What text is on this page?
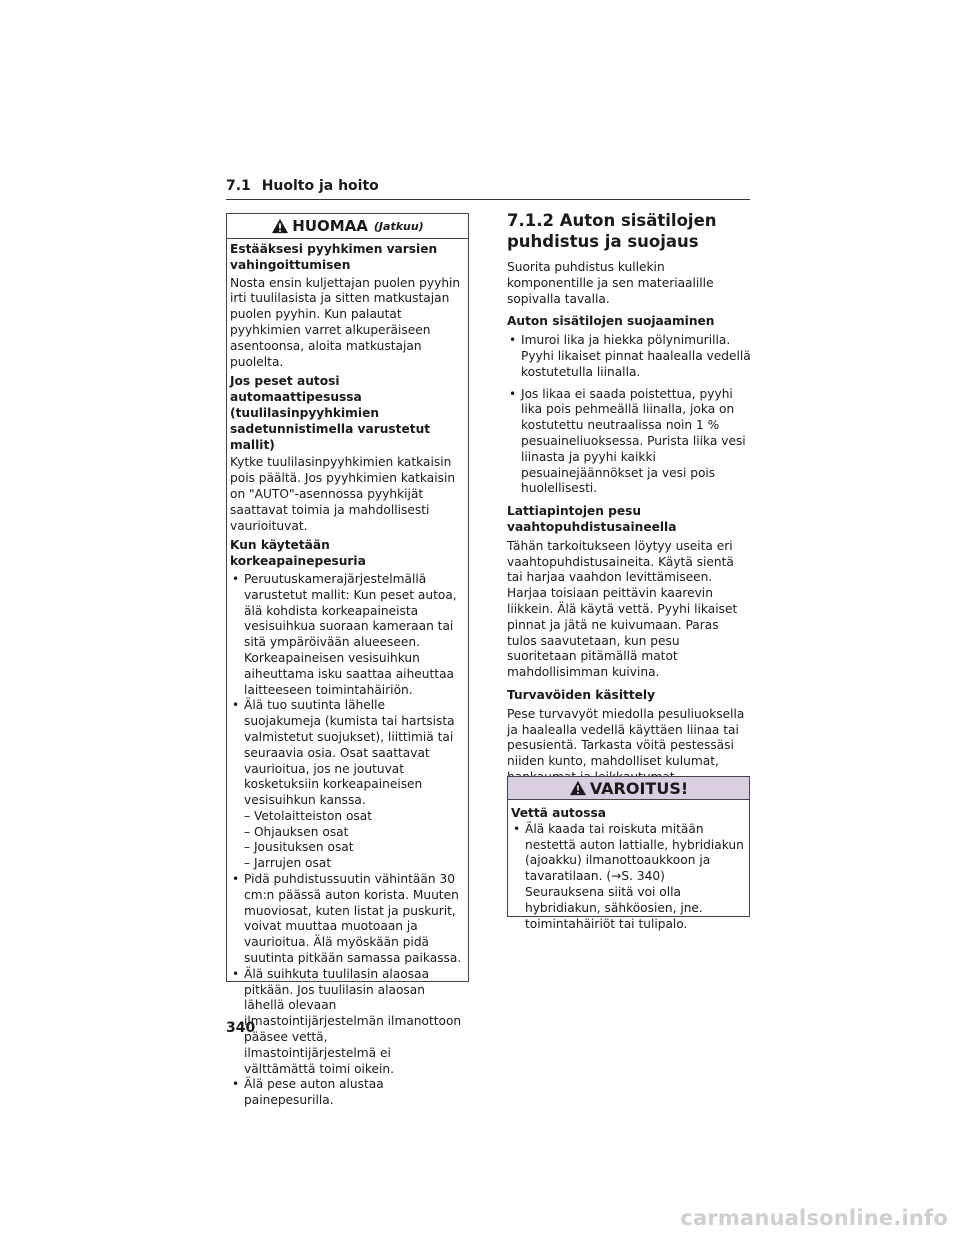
7.1 Huolto ja hoito
HUOMAA (Jatkuu)
Estääksesi pyyhkimen varsien vahingoittumisen

Nosta ensin kuljettajan puolen pyyhin irti tuulilasista ja sitten matkustajan puolen pyyhin. Kun palautat pyyhkimien varret alkuperäiseen asentoonsa, aloita matkustajan puolelta.

Jos peset autosi automaattipesussa (tuulilasinpyyhkimien sadetunnistimella varustetut mallit)

Kytke tuulilasinpyyhkimien katkaisin pois päältä. Jos pyyhkimien katkaisin on "AUTO"-asennossa pyyhkijät saattavat toimia ja mahdollisesti vaurioituvat.

Kun käytetään korkeapainepesuria
• Peruutuskamerajärjestelmällä varustetut mallit: Kun peset autoa, älä kohdista korkeapaineista vesisuihkua suoraan kameraan tai sitä ympäröivään alueeseen. Korkeapaineisen vesisuihkun aiheuttama isku saattaa aiheuttaa laitteeseen toimintahäiriön.
• Älä tuo suutinta lähelle suojakumeja (kumista tai hartsista valmistetut suojukset), liittimiä tai seuraavia osia. Osat saattavat vaurioitua, jos ne joutuvat kosketuksiin korkeapaineisen vesisuihkun kanssa.
– Vetolaitteiston osat
– Ohjauksen osat
– Jousituksen osat
– Jarrujen osat
• Pidä puhdistussuutin vähintään 30 cm:n päässä auton korista. Muuten muoviosat, kuten listat ja puskurit, voivat muuttaa muotoaan ja vaurioitua. Älä myöskään pidä suutinta pitkään samassa paikassa.
• Älä suihkuta tuulilasin alaosaa pitkään. Jos tuulilasin alaosan lähellä olevaan ilmastointijärjestelmän ilmanottoon pääsee vettä, ilmastointijärjestelmä ei välttämättä toimi oikein.
• Älä pese auton alustaa painepesurilla.
7.1.2 Auton sisätilojen puhdistus ja suojaus

Suorita puhdistus kullekin komponentille ja sen materiaalille sopivalla tavalla.

Auton sisätilojen suojaaminen
• Imuroi lika ja hiekka pölynimurilla. Pyyhi likaiset pinnat haalealla vedellä kostutetulla liinalla.
• Jos likaa ei saada poistettua, pyyhi lika pois pehmeällä liinalla, joka on kostutettu neutraalissa noin 1 % pesuaineliuoksessa. Purista liika vesi liinasta ja pyyhi kaikki pesuainejäännökset ja vesi pois huolellisesti.
Lattiapintojen pesu vaahtopuhdistusaineella

Tähän tarkoitukseen löytyy useita eri vaahtopuhdistusaineita. Käytä sientä tai harjaa vaahdon levittämiseen. Harjaa toisiaan peittävin kaarevin liikkein. Älä käytä vettä. Pyyhi likaiset pinnat ja jätä ne kuivumaan. Paras tulos saavutetaan, kun pesu suoritetaan pitämällä matot mahdollisimman kuivina.

Turvavöiden käsittely

Pese turvavyöt miedolla pesuliuoksella ja haalealla vedellä käyttäen liinaa tai pesusientä. Tarkasta vöitä pestessäsi niiden kunto, mahdolliset kulumat,

VAROITUS!
Vettä autossa
• Älä kaada tai roiskuta mitään nestettä auton lattialle, hybridiakun (ajoakku) ilmanottoaukkoon ja tavaratilaan. (→S. 340) Seurauksena siitä voi olla hybridiakun, sähköosien, jne. toimintahäiriöt tai tulipalo.
340
carmanualsonline.info
